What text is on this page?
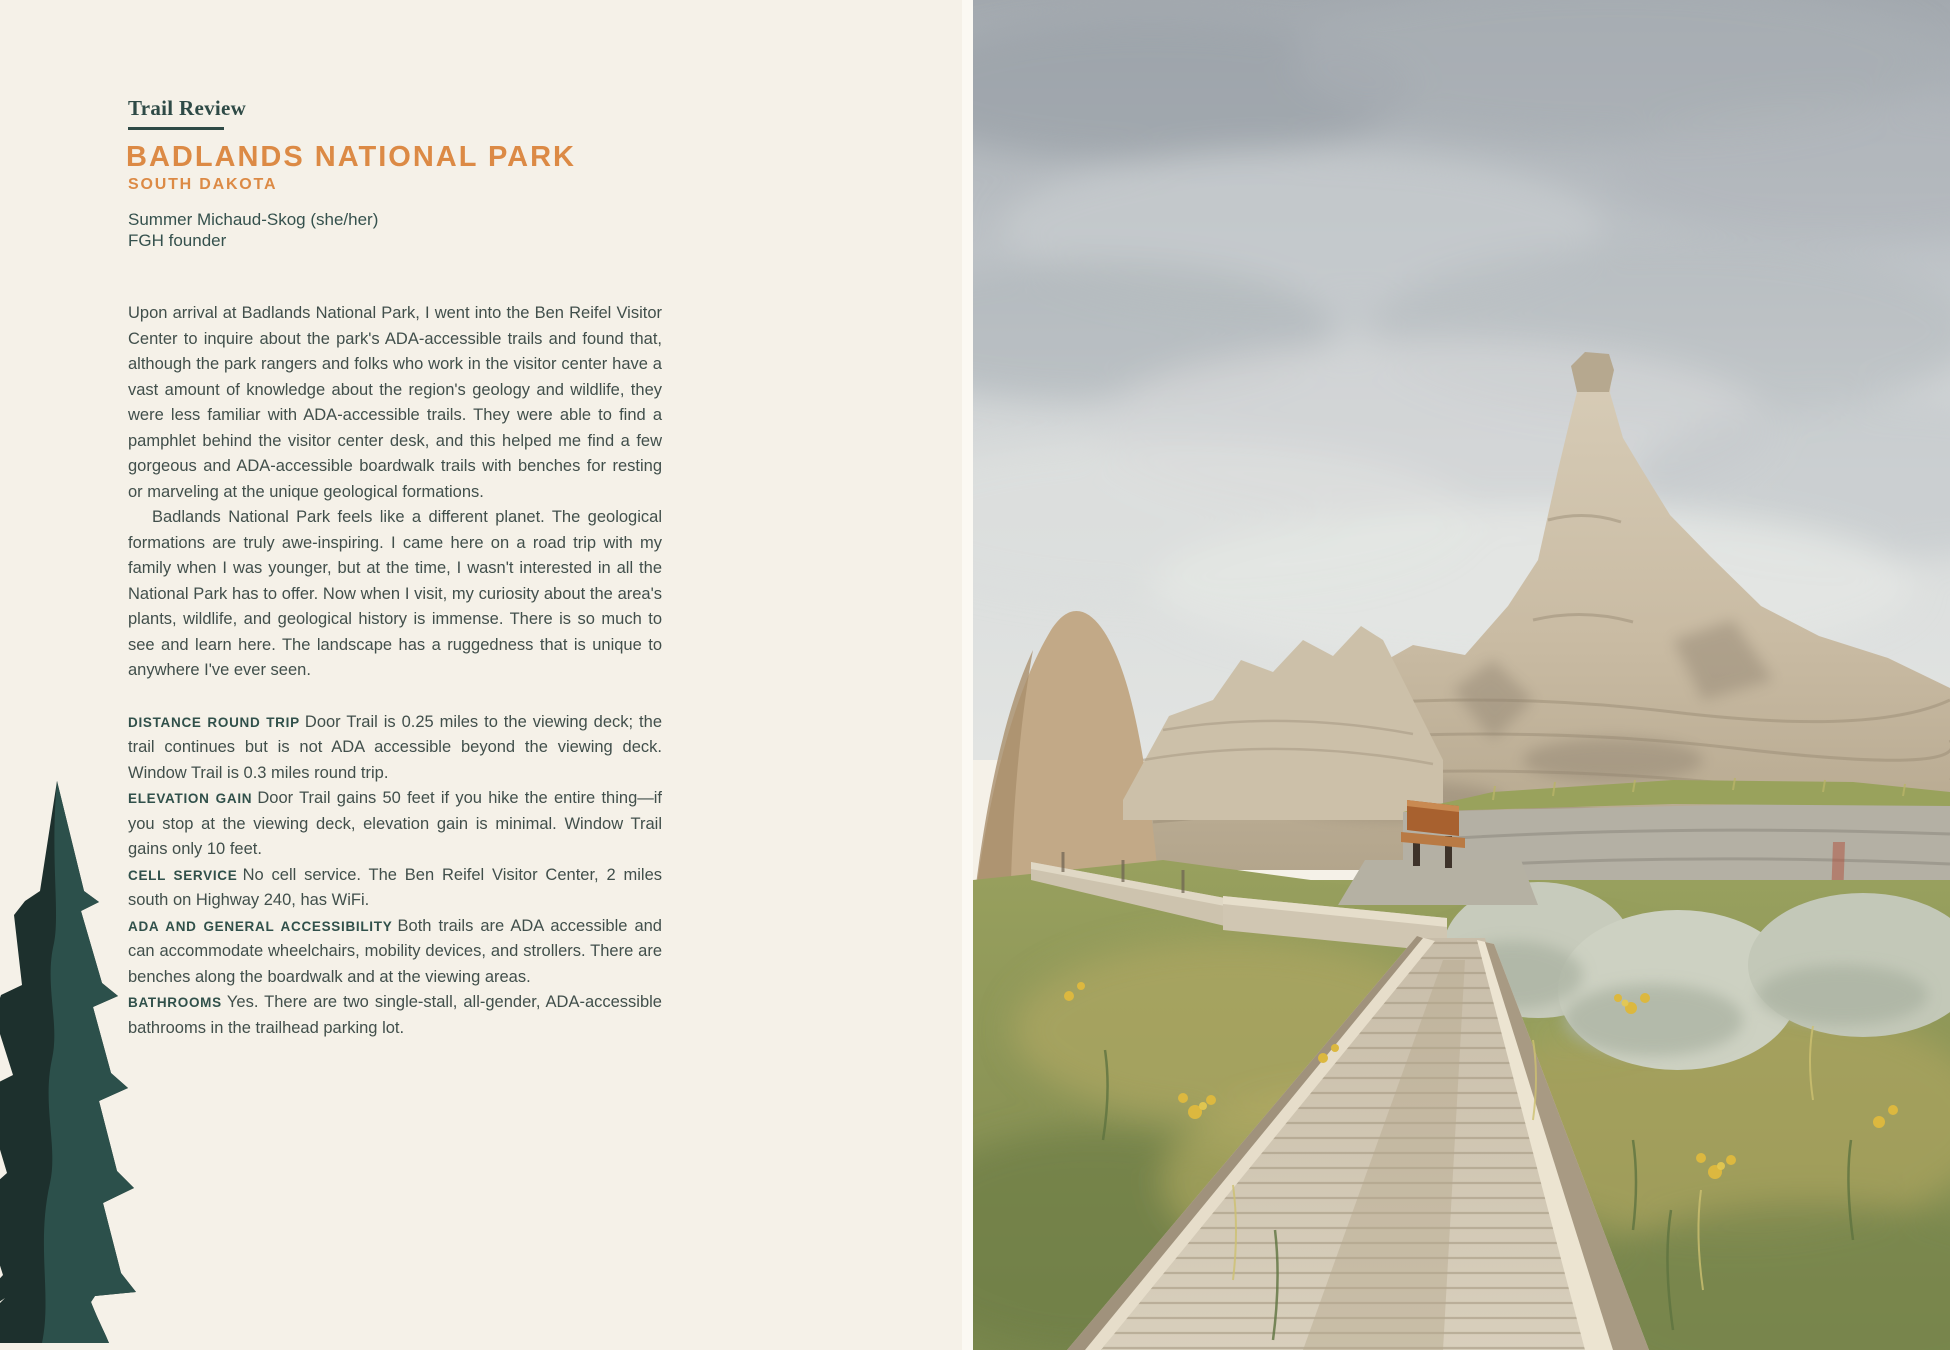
Trail Review
BADLANDS NATIONAL PARK
SOUTH DAKOTA
Summer Michaud-Skog (she/her)
FGH founder

Upon arrival at Badlands National Park, I went into the Ben Reifel Visitor Center to inquire about the park's ADA-accessible trails and found that, although the park rangers and folks who work in the visitor center have a vast amount of knowledge about the region's geology and wildlife, they were less familiar with ADA-accessible trails. They were able to find a pamphlet behind the visitor center desk, and this helped me find a few gorgeous and ADA-accessible boardwalk trails with benches for resting or marveling at the unique geological formations.

Badlands National Park feels like a different planet. The geological formations are truly awe-inspiring. I came here on a road trip with my family when I was younger, but at the time, I wasn't interested in all the National Park has to offer. Now when I visit, my curiosity about the area's plants, wildlife, and geological history is immense. There is so much to see and learn here. The landscape has a ruggedness that is unique to anywhere I've ever seen.

DISTANCE ROUND TRIP Door Trail is 0.25 miles to the viewing deck; the trail continues but is not ADA accessible beyond the viewing deck. Window Trail is 0.3 miles round trip.

ELEVATION GAIN Door Trail gains 50 feet if you hike the entire thing—if you stop at the viewing deck, elevation gain is minimal. Window Trail gains only 10 feet.

CELL SERVICE No cell service. The Ben Reifel Visitor Center, 2 miles south on Highway 240, has WiFi.

ADA AND GENERAL ACCESSIBILITY Both trails are ADA accessible and can accommodate wheelchairs, mobility devices, and strollers. There are benches along the boardwalk and at the viewing areas.

BATHROOMS Yes. There are two single-stall, all-gender, ADA-accessible bathrooms in the trailhead parking lot.
